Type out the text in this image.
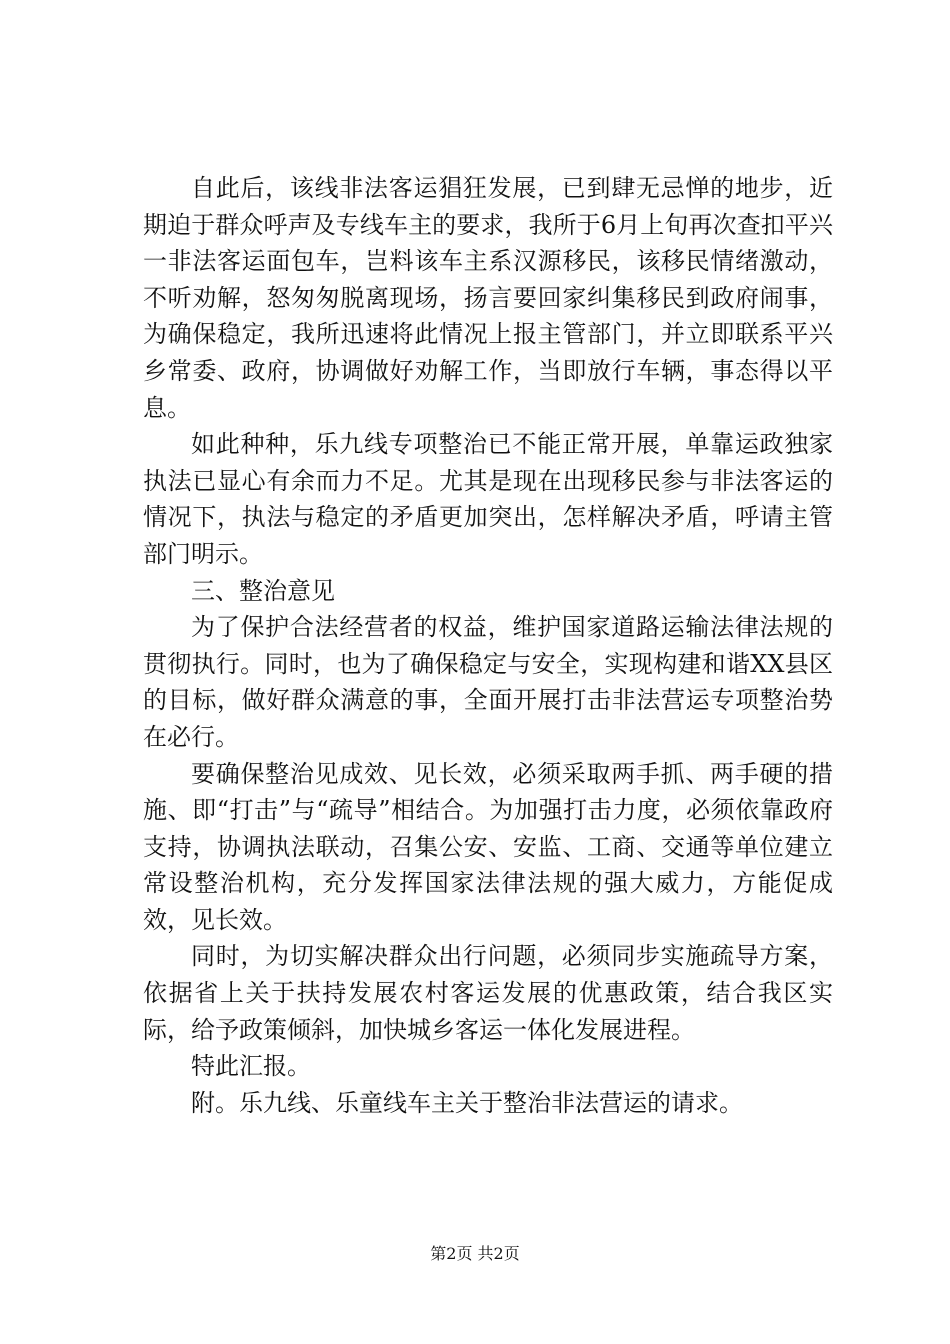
自此后，该线非法客运猖狂发展，已到肆无忌惮的地步，近期迫于群众呼声及专线车主的要求，我所于6月上旬再次查扣平兴一非法客运面包车，岂料该车主系汉源移民，该移民情绪激动，不听劝解，怒匆匆脱离现场，扬言要回家纠集移民到政府闹事，为确保稳定，我所迅速将此情况上报主管部门，并立即联系平兴乡常委、政府，协调做好劝解工作，当即放行车辆，事态得以平息。

如此种种，乐九线专项整治已不能正常开展，单靠运政独家执法已显心有余而力不足。尤其是现在出现移民参与非法客运的情况下，执法与稳定的矛盾更加突出，怎样解决矛盾，呼请主管部门明示。

三、整治意见

为了保护合法经营者的权益，维护国家道路运输法律法规的贯彻执行。同时，也为了确保稳定与安全，实现构建和谐XX县区的目标，做好群众满意的事，全面开展打击非法营运专项整治势在必行。

要确保整治见成效、见长效，必须采取两手抓、两手硬的措施、即“打击”与“疏导”相结合。为加强打击力度，必须依靠政府支持，协调执法联动，召集公安、安监、工商、交通等单位建立常设整治机构，充分发挥国家法律法规的强大威力，方能促成效，见长效。

同时，为切实解决群众出行问题，必须同步实施疏导方案，依据省上关于扶持发展农村客运发展的优惠政策，结合我区实际，给予政策倾斜，加快城乡客运一体化发展进程。

特此汇报。

附。乐九线、乐童线车主关于整治非法营运的请求。

第2页 共2页
